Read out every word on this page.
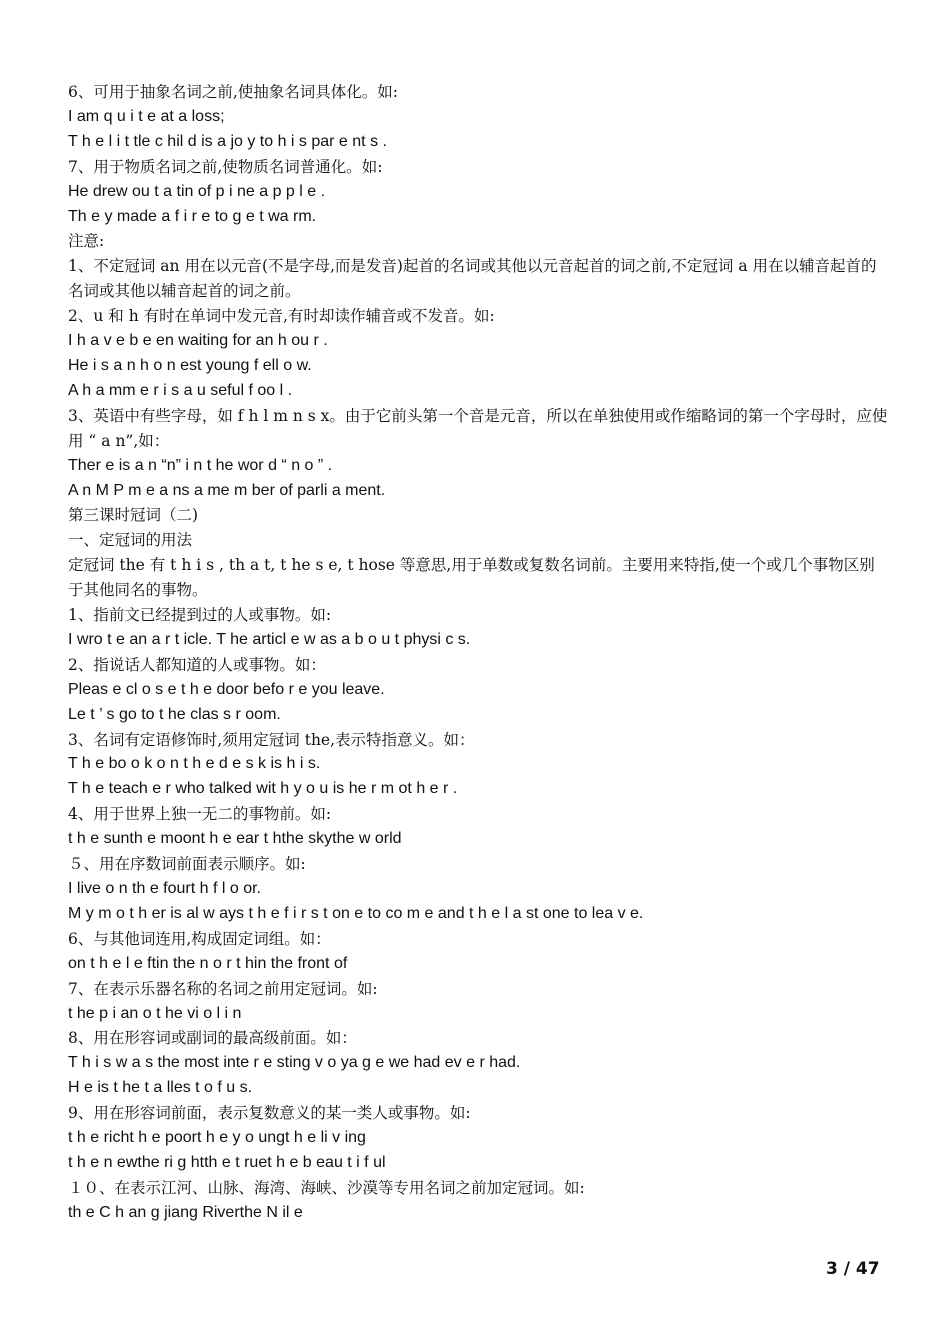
6、可用于抽象名词之前,使抽象名词具体化。如:

I am q u i t e at a loss;

T h e l i t tle c hil d is a jo y to h i s par e nt s .

7、用于物质名词之前,使物质名词普通化。如:

He drew ou t a tin of p i ne a p p l e .

Th e y made a f i r e to g e t wa rm.

注意:

1、不定冠词 an 用在以元音(不是字母,而是发音)起首的名词或其他以元音起首的词之前,不定冠词 a 用在以辅音起首的名词或其他以辅音起首的词之前。

2、u 和 h 有时在单词中发元音,有时却读作辅音或不发音。如:

I h a v e b e en waiting for an h ou r .

He i s a n h o n est young f ell o w.

A h a mm e r i s a u seful f oo l .

3、英语中有些字母，如 f h l m n s x。由于它前头第一个音是元音，所以在单独使用或作缩略词的第一个字母时，应使用 “ a n”,如：

Ther e is a n “n” i n t he wor d “ n o ” .

A n M P m e a ns a me m ber of parli a ment.

第三课时冠词（二)

一、定冠词的用法

定冠词 the 有 t h i s , th a t, t he s e, t hose 等意思,用于单数或复数名词前。主要用来特指,使一个或几个事物区别于其他同名的事物。

1、指前文已经提到过的人或事物。如:

I wro t e an a r t icle. T he articl e w as a b o u t physi c s.

2、指说话人都知道的人或事物。如：

Pleas e cl o s e t h e door befo r e you leave.

Le t ’ s go to t he clas s r oom.

3、名词有定语修饰时,须用定冠词 the,表示特指意义。如：

T h e bo o k o n t h e d e s k is h i s.

T h e teach e r who talked wit h y o u is he r m ot h e r .

4、用于世界上独一无二的事物前。如:

t h e sunth e moont h e ear t hthe skythe w orld

５、用在序数词前面表示顺序。如:

I live o n th e fourt h f l o or.

M y m o t h er is al w ays t h e f i r s t on e to co m e and t h e l a st one to lea v e.

6、与其他词连用,构成固定词组。如：

on t h e l e ftin the n o r t hin the front of

7、在表示乐器名称的名词之前用定冠词。如:

t he p i an o t he vi o l i n

8、用在形容词或副词的最高级前面。如：

T h i s w a s the most inte r e sting v o ya g e we had ev e r had.

H e is t he t a lles t o f u s.

9、用在形容词前面，表示复数意义的某一类人或事物。如:

t h e richt h e poort h e y o ungt h e li v ing

t h e n ewthe ri g htth e t ruet h e b eau t i f ul

１０、在表示江河、山脉、海湾、海峡、沙漠等专用名词之前加定冠词。如:

th e C h an g jiang Riverthe N il e

3 / 47
